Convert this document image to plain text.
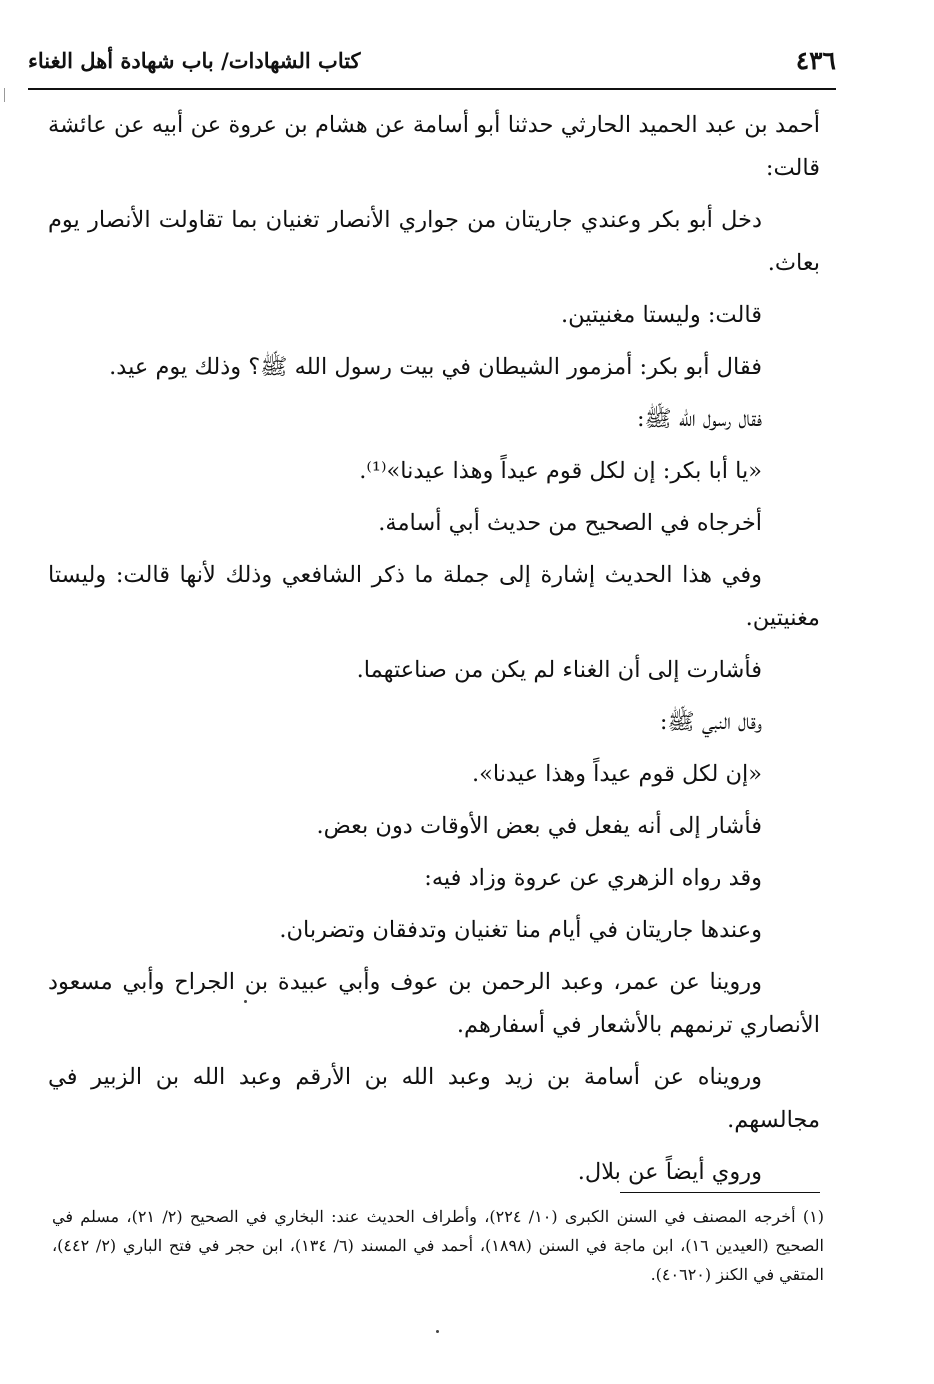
٤٣٦
كتاب الشهادات/ باب شهادة أهل الغناء

أحمد بن عبد الحميد الحارثي حدثنا أبو أسامة عن هشام بن عروة عن أبيه عن عائشة قالت:

دخل أبو بكر وعندي جاريتان من جواري الأنصار تغنيان بما تقاولت الأنصار يوم بعاث.

قالت: وليستا مغنيتين.

فقال أبو بكر: أمزمور الشيطان في بيت رسول الله ﷺ؟ وذلك يوم عيد.

فقال رسول الله ﷺ:

«يا أبا بكر: إن لكل قوم عيداً وهذا عيدنا»⁽¹⁾.

أخرجاه في الصحيح من حديث أبي أسامة.

وفي هذا الحديث إشارة إلى جملة ما ذكر الشافعي وذلك لأنها قالت: وليستا مغنيتين.

فأشارت إلى أن الغناء لم يكن من صناعتهما.

وقال النبي ﷺ:

«إن لكل قوم عيداً وهذا عيدنا».

فأشار إلى أنه يفعل في بعض الأوقات دون بعض.

وقد رواه الزهري عن عروة وزاد فيه:

وعندها جاريتان في أيام منا تغنيان وتدفقان وتضربان.

وروينا عن عمر، وعبد الرحمن بن عوف وأبي عبيدة بن الجراح وأبي مسعود الأنصاري ترنمهم بالأشعار في أسفارهم.

ورويناه عن أسامة بن زيد وعبد الله بن الأرقم وعبد الله بن الزبير في مجالسهم.

وروي أيضاً عن بلال.

(١) أخرجه المصنف في السنن الكبرى (١٠/ ٢٢٤)، وأطراف الحديث عند: البخاري في الصحيح (٢/ ٢١)، مسلم في الصحيح (العيدين ١٦)، ابن ماجة في السنن (١٨٩٨)، أحمد في المسند (٦/ ١٣٤)، ابن حجر في فتح الباري (٢/ ٤٤٢)، المتقي في الكنز (٤٠٦٢٠).
